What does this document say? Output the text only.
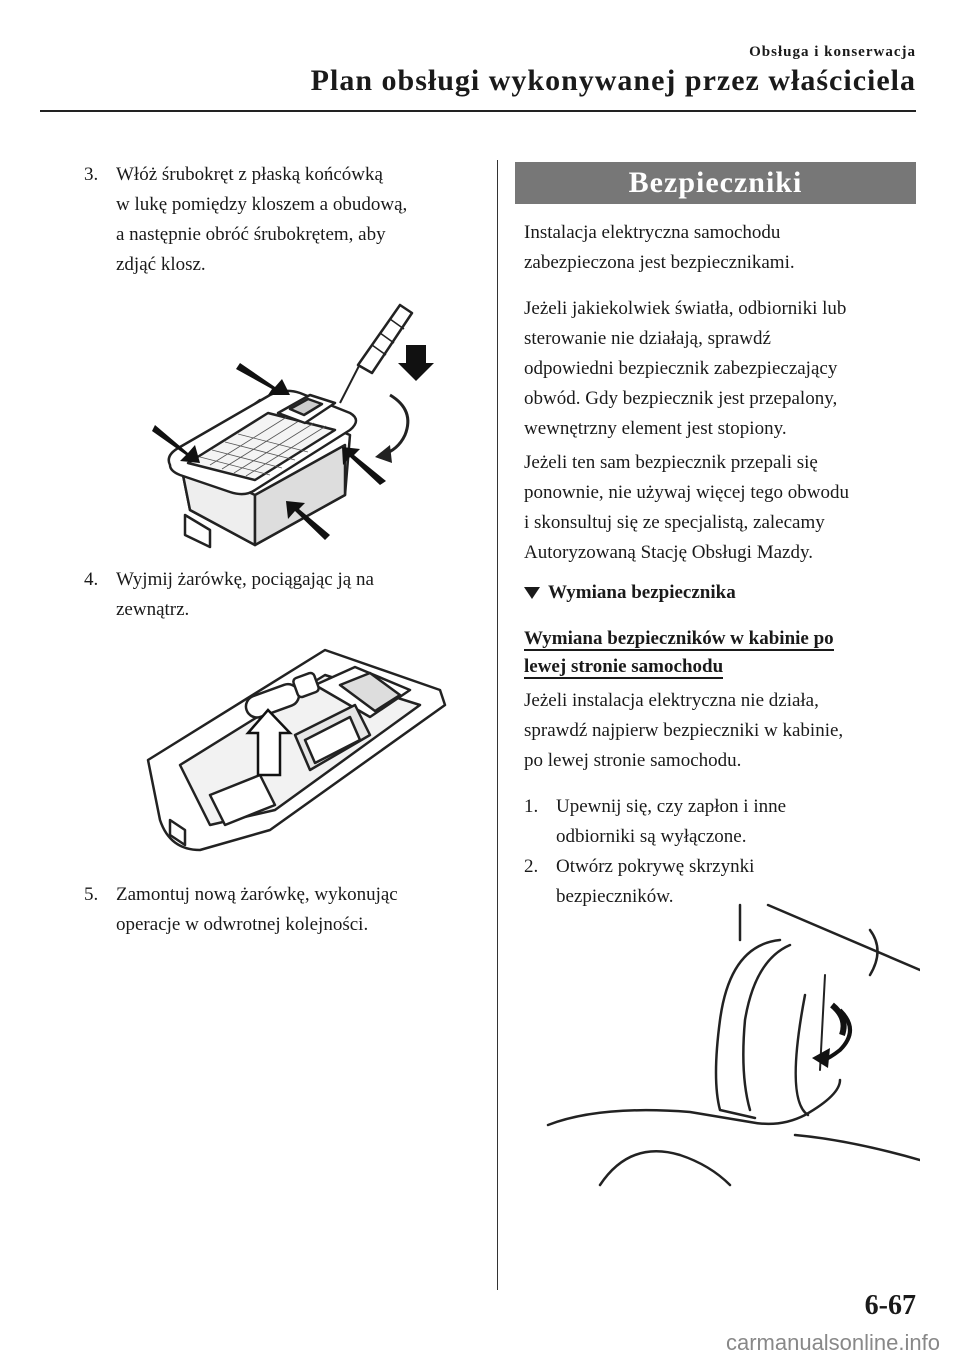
Obsługa i konserwacja
Plan obsługi wykonywanej przez właściciela
3. Włóż śrubokręt z płaską końcówką
w lukę pomiędzy kloszem a obudową,
a następnie obróć śrubokrętem, aby
zdjąć klosz.
4. Wyjmij żarówkę, pociągając ją na
zewnątrz.
5. Zamontuj nową żarówkę, wykonując
operacje w odwrotnej kolejności.
Bezpieczniki
Instalacja elektryczna samochodu
zabezpieczona jest bezpiecznikami.
Jeżeli jakiekolwiek światła, odbiorniki lub
sterowanie nie działają, sprawdź
odpowiedni bezpiecznik zabezpieczający
obwód. Gdy bezpiecznik jest przepalony,
wewnętrzny element jest stopiony.
Jeżeli ten sam bezpiecznik przepali się
ponownie, nie używaj więcej tego obwodu
i skonsultuj się ze specjalistą, zalecamy
Autoryzowaną Stację Obsługi Mazdy.
Wymiana bezpiecznika
Wymiana bezpieczników w kabinie po
lewej stronie samochodu
Jeżeli instalacja elektryczna nie działa,
sprawdź najpierw bezpieczniki w kabinie,
po lewej stronie samochodu.
1. Upewnij się, czy zapłon i inne
odbiorniki są wyłączone.
2. Otwórz pokrywę skrzynki
bezpieczników.
6-67
carmanualsonline.info
